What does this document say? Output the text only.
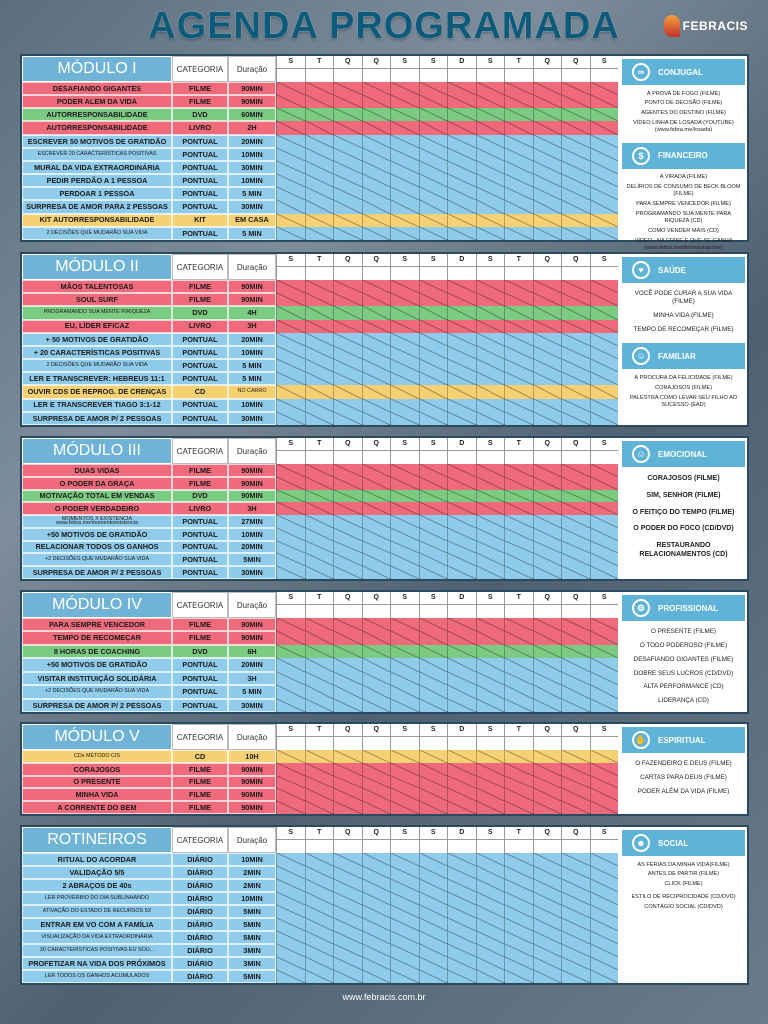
AGENDA PROGRAMADA	FEBRACIS
MÓDULO I	CATEGORIA	Duração
S	T	Q	Q	S	S	D	S	T	Q	Q	S
DESAFIANDO GIGANTES	FILME	90MIN
PODER ALEM DA VIDA	FILME	90MIN
AUTORRESPONSABILIDADE	DVD	60MIN
AUTORRESPONSABILIDADE	LIVRO	2H
ESCREVER 50 MOTIVOS DE GRATIDÃO	PONTUAL	20MIN
ESCREVER 20 CARACTERÍSTICAS POSITIVAS	PONTUAL	10MIN
MURAL DA VIDA EXTRAORDINÁRIA	PONTUAL	30MIN
PEDIR PERDÃO A 1 PESSOA	PONTUAL	10MIN
PERDOAR 1 PESSOA	PONTUAL	5 MIN
SURPRESA DE AMOR PARA 2 PESSOAS	PONTUAL	30MIN
KIT AUTORRESPONSABILIDADE	KIT	EM CASA
2 DECISÕES QUE MUDARÃO SUA VIDA	PONTUAL	5 MIN
∞	CONJUGAL
À PROVA DE FOGO (FILME)
PONTO DE DECISÃO (FILME)
AGENTES DO DESTINO (FILME)
VÍDEO LINHA DE LOSADA (YOUTUBE) (www.febra.me/losada)
$	FINANCEIRO
A VIRADA (FILME)
DELÍRIOS DE CONSUMO DE BECK BLOOM (FILME)
PARA SEMPRE VENCEDOR (FILME)
PROGRAMANDO SUA MENTE PARA RIQUEZA (CD)
COMO VENDER MAIS (CD)
VÍDEO - NA CRISE E QUE SE GANHA (www.febra.me/dinheironacrise)
MÓDULO II	CATEGORIA	Duração
S	T	Q	Q	S	S	D	S	T	Q	Q	S
MÃOS TALENTOSAS	FILME	90MIN
SOUL SURF	FILME	90MIN
PROGRAMANDO SUA MENTE P/RIQUEZA	DVD	4H
EU, LÍDER EFICAZ	LIVRO	3H
+ 50 MOTIVOS DE GRATIDÃO	PONTUAL	20MIN
+ 20 CARACTERÍSTICAS POSITIVAS	PONTUAL	10MIN
2 DECISÕES QUE MUDARÃO SUA VIDA	PONTUAL	5 MIN
LER E TRANSCREVER: HEBREUS 11:1	PONTUAL	5 MIN
OUVIR CDS DE REPROG. DE CRENÇAS	CD	NO CARRO
LER E TRANSCREVER TIAGO 3:1-12	PONTUAL	10MIN
SURPRESA DE AMOR P/ 2 PESSOAS	PONTUAL	30MIN
♥	SAÚDE
VOCÊ PODE CURAR A SUA VIDA (FILME)
MINHA VIDA (FILME)
TEMPO DE RECOMEÇAR (FILME)
☺	FAMILIAR
À PROCURA DA FELICIDADE (FILME)
CORAJOSOS (FILME)
PALESTRA COMO LEVAR SEU FILHO AO SUCESSO (EAD)
MÓDULO III	CATEGORIA	Duração
S	T	Q	Q	S	S	D	S	T	Q	Q	S
DUAS VIDAS	FILME	90MIN
O PODER DA GRAÇA	FILME	90MIN
MOTIVAÇÃO TOTAL EM VENDAS	DVD	90MIN
O PODER VERDADEIRO	LIVRO	3H
MOMENTOS X EXISTÊNCIA www.febra.me/momentoexistencia	PONTUAL	27MIN
+50 MOTIVOS DE GRATIDÃO	PONTUAL	10MIN
RELACIONAR TODOS OS GANHOS	PONTUAL	20MIN
+2 DECISÕES QUE MUDARÃO SUA VIDA	PONTUAL	5MIN
SURPRESA DE AMOR P/ 2 PESSOAS	PONTUAL	30MIN
☺	EMOCIONAL
CORAJOSOS (FILME)
SIM, SENHOR (FILME)
O FEITIÇO DO TEMPO (FILME)
O PODER DO FOCO (CD/DVD)
RESTAURANDO RELACIONAMENTOS (CD)
MÓDULO IV	CATEGORIA	Duração
S	T	Q	Q	S	S	D	S	T	Q	Q	S
PARA SEMPRE VENCEDOR	FILME	90MIN
TEMPO DE RECOMEÇAR	FILME	90MIN
8 HORAS DE COACHING	DVD	6H
+50 MOTIVOS DE GRATIDÃO	PONTUAL	20MIN
VISITAR INSTITUIÇÃO SOLIDÁRIA	PONTUAL	3H
+2 DECISÕES QUE MUDARÃO SUA VIDA	PONTUAL	5 MIN
SURPRESA DE AMOR P/ 2 PESSOAS	PONTUAL	30MIN
⚙	PROFISSIONAL
O PRESENTE (FILME)
O TODO PODEROSO (FILME)
DESAFIANDO GIGANTES (FILME)
DOBRE SEUS LUCROS (CD/DVD)
ALTA PERFORMANCE (CD)
LIDERANÇA (CD)
MÓDULO V	CATEGORIA	Duração
S	T	Q	Q	S	S	D	S	T	Q	Q	S
CDs MÉTODO CIS	CD	10H
CORAJOSOS	FILME	90MIN
O PRESENTE	FILME	90MIN
MINHA VIDA	FILME	90MIN
A CORRENTE DO BEM	FILME	90MIN
✋	ESPIRITUAL
O FAZENDEIRO E DEUS (FILME)
CARTAS PARA DEUS (FILME)
PODER ALÉM DA VIDA (FILME)
ROTINEIROS	CATEGORIA	Duração
S	T	Q	Q	S	S	D	S	T	Q	Q	S
RITUAL DO ACORDAR	DIÁRIO	10MIN
VALIDAÇÃO 5/5	DIÁRIO	2MIN
2 ABRAÇOS DE 40s	DIÁRIO	2MIN
LER PROVÉRBIO DO DIA SUBLINHANDO	DIÁRIO	10MIN
ATIVAÇÃO DO ESTADO DE RECURSOS 5X	DIÁRIO	5MIN
ENTRAR EM VO COM A FAMÍLIA	DIÁRIO	5MIN
VISUALIZAÇÃO DA VIDA EXTRAORDINÁRIA	DIÁRIO	5MIN
30 CARACTERÍSTICAS POSITIVAS EU SOU...	DIÁRIO	3MIN
PROFETIZAR NA VIDA DOS PRÓXIMOS	DIÁRIO	3MIN
LER TODOS OS GANHOS ACUMULADOS	DIÁRIO	5MIN
☻	SOCIAL
AS FÉRIAS DA MINHA VIDA(FILME)
ANTES DE PARTIR (FILME)
CLICK (FILME)
ESTILO DE RECIPROCIDADE (CD/DVD)
CONTÁGIO SOCIAL (CD/DVD)
www.febracis.com.br
